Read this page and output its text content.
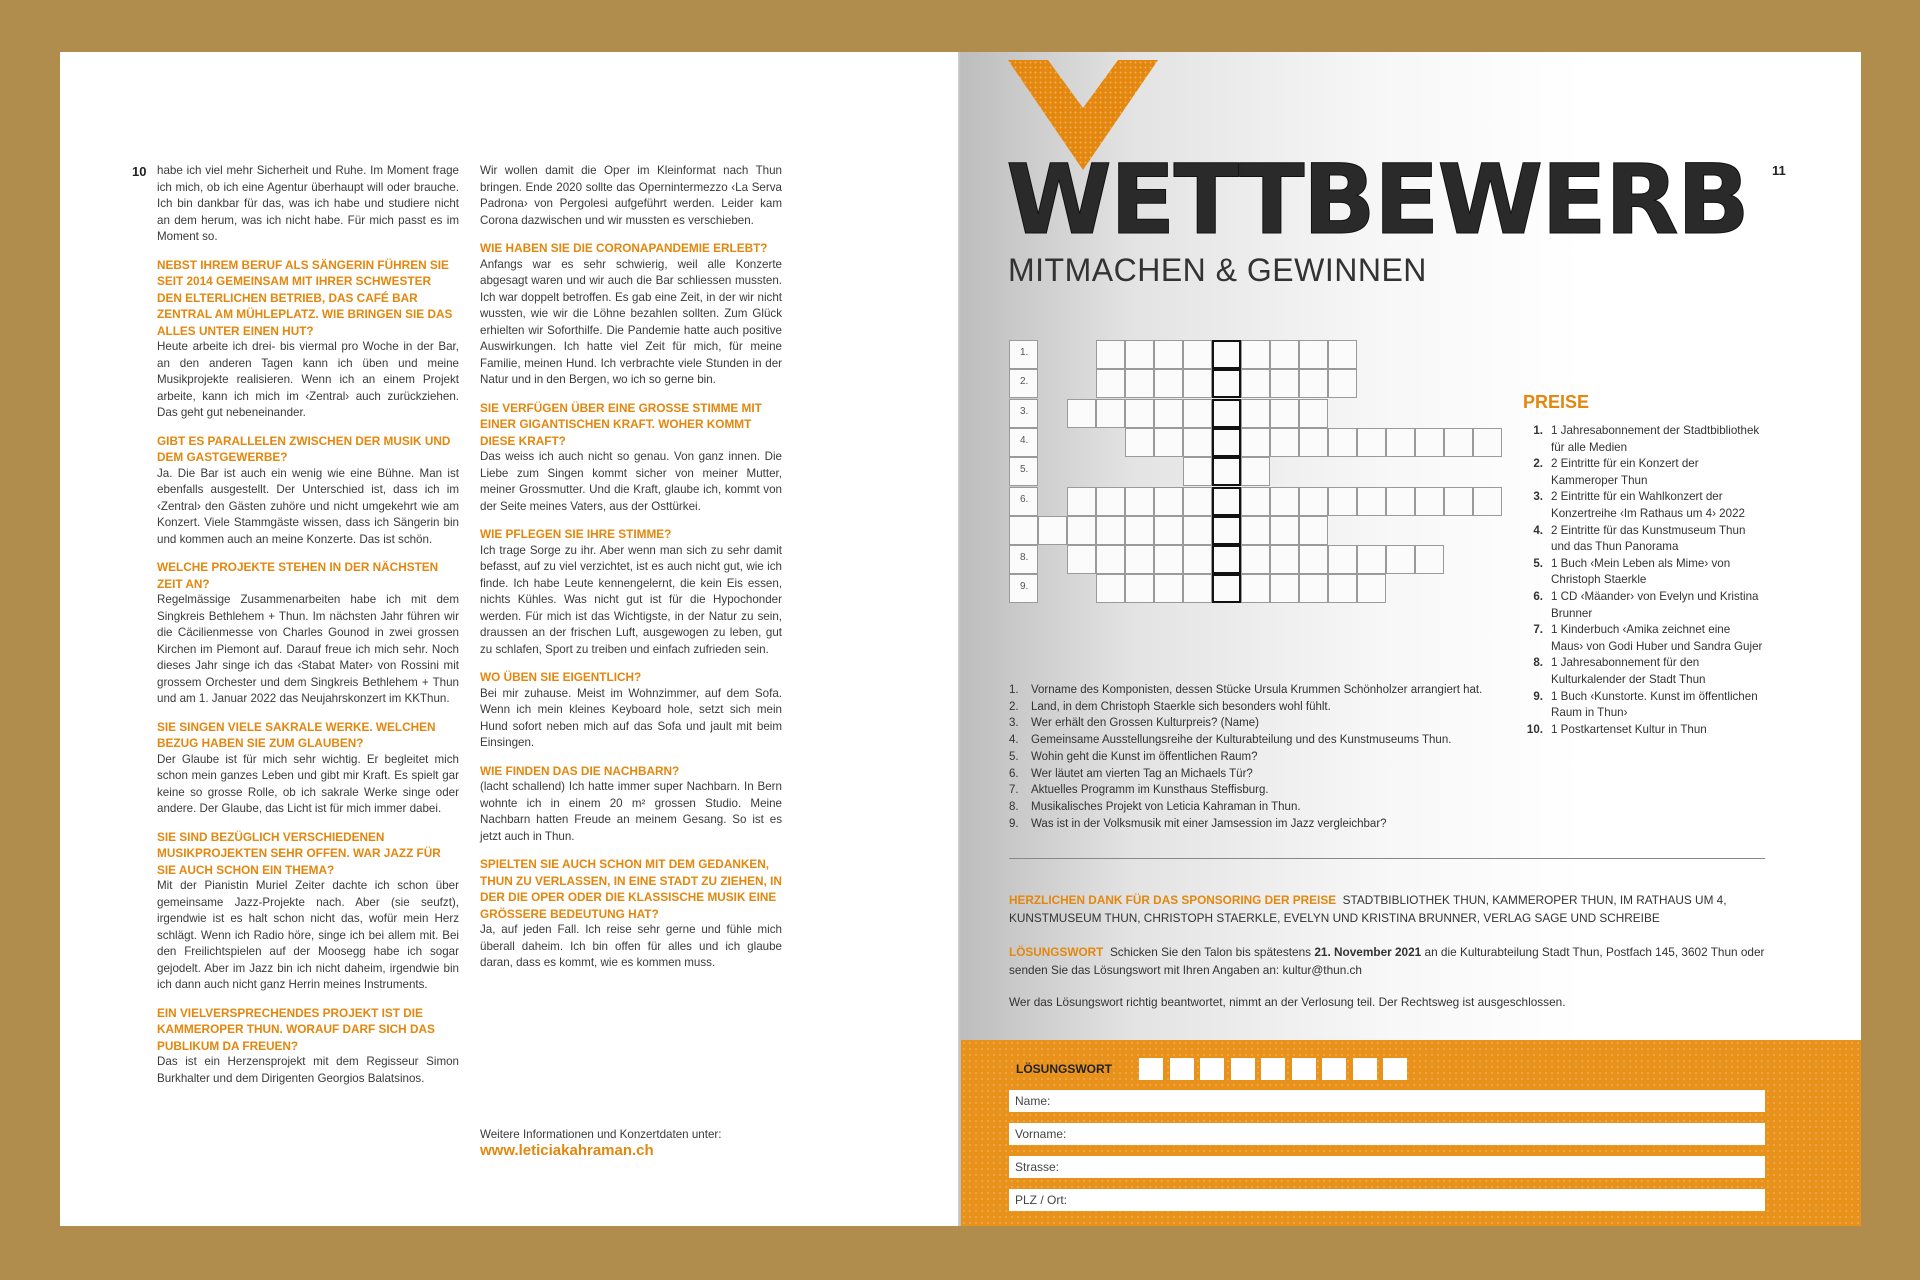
10 habe ich viel mehr Sicherheit und Ruhe. Im Moment frage ich mich, ob ich eine Agentur überhaupt will oder brauche. Ich bin dankbar für das, was ich habe und studiere nicht an dem herum, was ich nicht habe. Für mich passt es im Moment so.

NEBST IHREM BERUF ALS SÄNGERIN FÜHREN SIE SEIT 2014 GEMEINSAM MIT IHRER SCHWESTER DEN ELTERLICHEN BETRIEB, DAS CAFÉ BAR ZENTRAL AM MÜHLEPLATZ. WIE BRINGEN SIE DAS ALLES UNTER EINEN HUT?

Heute arbeite ich drei- bis viermal pro Woche in der Bar, an den anderen Tagen kann ich üben und meine Musikprojekte realisieren. Wenn ich an einem Projekt arbeite, kann ich mich im ‹Zentral› auch zurückziehen. Das geht gut nebeneinander.

GIBT ES PARALLELEN ZWISCHEN DER MUSIK UND DEM GASTGEWERBE?

Ja. Die Bar ist auch ein wenig wie eine Bühne. Man ist ebenfalls ausgestellt. Der Unterschied ist, dass ich im ‹Zentral› den Gästen zuhöre und nicht umgekehrt wie am Konzert. Viele Stammgäste wissen, dass ich Sängerin bin und kommen auch an meine Konzerte. Das ist schön.

WELCHE PROJEKTE STEHEN IN DER NÄCHSTEN ZEIT AN?

Regelmässige Zusammenarbeiten habe ich mit dem Singkreis Bethlehem + Thun. Im nächsten Jahr führen wir die Cäcilienmesse von Charles Gounod in zwei grossen Kirchen im Piemont auf. Darauf freue ich mich sehr. Noch dieses Jahr singe ich das ‹Stabat Mater› von Rossini mit grossem Orchester und dem Singkreis Bethlehem + Thun und am 1. Januar 2022 das Neujahrskonzert im KKThun.

SIE SINGEN VIELE SAKRALE WERKE. WELCHEN BEZUG HABEN SIE ZUM GLAUBEN?

Der Glaube ist für mich sehr wichtig. Er begleitet mich schon mein ganzes Leben und gibt mir Kraft. Es spielt gar keine so grosse Rolle, ob ich sakrale Werke singe oder andere. Der Glaube, das Licht ist für mich immer dabei.

SIE SIND BEZÜGLICH VERSCHIEDENEN MUSIKPROJEKTEN SEHR OFFEN. WAR JAZZ FÜR SIE AUCH SCHON EIN THEMA?

Mit der Pianistin Muriel Zeiter dachte ich schon über gemeinsame Jazz-Projekte nach. Aber (sie seufzt), irgendwie ist es halt schon nicht das, wofür mein Herz schlägt. Wenn ich Radio höre, singe ich bei allem mit. Bei den Freilichtspielen auf der Moosegg habe ich sogar gejodelt. Aber im Jazz bin ich nicht daheim, irgendwie bin ich dann auch nicht ganz Herrin meines Instruments.

EIN VIELVERSPRECHENDES PROJEKT IST DIE KAMMEROPER THUN. WORAUF DARF SICH DAS PUBLIKUM DA FREUEN?

Das ist ein Herzensprojekt mit dem Regisseur Simon Burkhalter und dem Dirigenten Georgios Balatsinos.

Wir wollen damit die Oper im Kleinformat nach Thun bringen. Ende 2020 sollte das Opernintermezzo ‹La Serva Padrona› von Pergolesi aufgeführt werden. Leider kam Corona dazwischen und wir mussten es verschieben.

WIE HABEN SIE DIE CORONAPANDEMIE ERLEBT?

Anfangs war es sehr schwierig, weil alle Konzerte abgesagt waren und wir auch die Bar schliessen mussten. Ich war doppelt betroffen. Es gab eine Zeit, in der wir nicht wussten, wie wir die Löhne bezahlen sollten. Zum Glück erhielten wir Soforthilfe. Die Pandemie hatte auch positive Auswirkungen. Ich hatte viel Zeit für mich, für meine Familie, meinen Hund. Ich verbrachte viele Stunden in der Natur und in den Bergen, wo ich so gerne bin.

SIE VERFÜGEN ÜBER EINE GROSSE STIMME MIT EINER GIGANTISCHEN KRAFT. WOHER KOMMT DIESE KRAFT?

Das weiss ich auch nicht so genau. Von ganz innen. Die Liebe zum Singen kommt sicher von meiner Mutter, meiner Grossmutter. Und die Kraft, glaube ich, kommt von der Seite meines Vaters, aus der Osttürkei.

WIE PFLEGEN SIE IHRE STIMME?

Ich trage Sorge zu ihr. Aber wenn man sich zu sehr damit befasst, auf zu viel verzichtet, ist es auch nicht gut, wie ich finde. Ich habe Leute kennengelernt, die kein Eis essen, nichts Kühles. Was nicht gut ist für die Hypochonder werden. Für mich ist das Wichtigste, in der Natur zu sein, draussen an der frischen Luft, ausgewogen zu leben, gut zu schlafen, Sport zu treiben und einfach zufrieden sein.

WO ÜBEN SIE EIGENTLICH?

Bei mir zuhause. Meist im Wohnzimmer, auf dem Sofa. Wenn ich mein kleines Keyboard hole, setzt sich mein Hund sofort neben mich auf das Sofa und jault mit beim Einsingen.

WIE FINDEN DAS DIE NACHBARN?

(lacht schallend) Ich hatte immer super Nachbarn. In Bern wohnte ich in einem 20 m² grossen Studio. Meine Nachbarn hatten Freude an meinem Gesang. So ist es jetzt auch in Thun.

SPIELTEN SIE AUCH SCHON MIT DEM GEDANKEN, THUN ZU VERLASSEN, IN EINE STADT ZU ZIEHEN, IN DER DIE OPER ODER DIE KLASSISCHE MUSIK EINE GRÖSSERE BEDEUTUNG HAT?

Ja, auf jeden Fall. Ich reise sehr gerne und fühle mich überall daheim. Ich bin offen für alles und ich glaube daran, dass es kommt, wie es kommen muss.

Weitere Informationen und Konzertdaten unter:
www.leticiakahraman.ch
WETTBEWERB 11
MITMACHEN & GEWINNEN
1.
2.
3.
4.
5.
6.
8.
9.
1. Vorname des Komponisten, dessen Stücke Ursula Krummen Schönholzer arrangiert hat.
2. Land, in dem Christoph Staerkle sich besonders wohl fühlt.
3. Wer erhält den Grossen Kulturpreis? (Name)
4. Gemeinsame Ausstellungsreihe der Kulturabteilung und des Kunstmuseums Thun.
5. Wohin geht die Kunst im öffentlichen Raum?
6. Wer läutet am vierten Tag an Michaels Tür?
7. Aktuelles Programm im Kunsthaus Steffisburg.
8. Musikalisches Projekt von Leticia Kahraman in Thun.
9. Was ist in der Volksmusik mit einer Jamsession im Jazz vergleichbar?
PREISE
1. 1 Jahresabonnement der Stadtbibliothek für alle Medien
2. 2 Eintritte für ein Konzert der Kammeroper Thun
3. 2 Eintritte für ein Wahlkonzert der Konzertreihe ‹Im Rathaus um 4› 2022
4. 2 Eintritte für das Kunstmuseum Thun und das Thun Panorama
5. 1 Buch ‹Mein Leben als Mime› von Christoph Staerkle
6. 1 CD ‹Mäander› von Evelyn und Kristina Brunner
7. 1 Kinderbuch ‹Amika zeichnet eine Maus› von Godi Huber und Sandra Gujer
8. 1 Jahresabonnement für den Kulturkalender der Stadt Thun
9. 1 Buch ‹Kunstorte. Kunst im öffentlichen Raum in Thun›
10. 1 Postkartenset Kultur in Thun
HERZLICHEN DANK FÜR DAS SPONSORING DER PREISE STADTBIBLIOTHEK THUN, KAMMEROPER THUN, IM RATHAUS UM 4, KUNSTMUSEUM THUN, CHRISTOPH STAERKLE, EVELYN UND KRISTINA BRUNNER, VERLAG SAGE UND SCHREIBE
LÖSUNGSWORT Schicken Sie den Talon bis spätestens 21. November 2021 an die Kulturabteilung Stadt Thun, Postfach 145, 3602 Thun oder senden Sie das Lösungswort mit Ihren Angaben an: kultur@thun.ch
Wer das Lösungswort richtig beantwortet, nimmt an der Verlosung teil. Der Rechtsweg ist ausgeschlossen.
LÖSUNGSWORT
Name:
Vorname:
Strasse:
PLZ / Ort:
